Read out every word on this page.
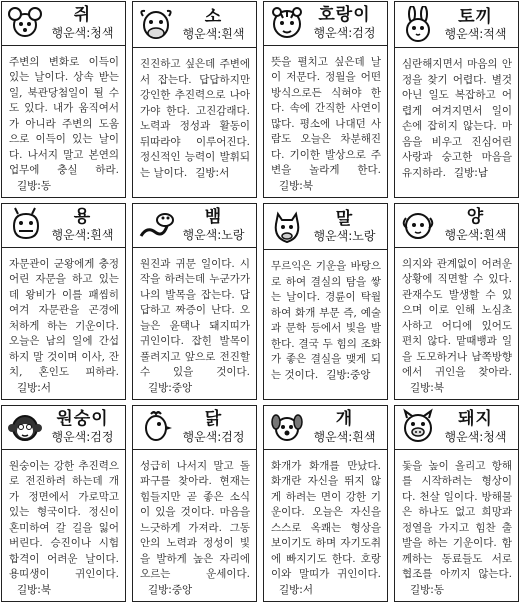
쥐
행운색:청색
주변의 변화로 이득이 있는 날이다. 상속 받는 일, 북관당첨일이 될 수도 있다. 내가 움직여서가 아니라 주변의 도움으로 이득이 있는 날이다. 나서지 말고 본연의 업무에 충실 하라.길방:동
소
행운색:흰색
진진하고 싶은데 주변에서 잡는다. 답답하지만 강인한 추진력으로 나아가야 한다. 고진감래다. 노력과 정성과 활동이 뒤따라야 이루어진다. 정신적인 능력이 발휘되는 날이다. 길방:서
호랑이
행운색:검정
뜻을 펼치고 싶은데 날이 저문다. 정월을 어떤 방식으로든 식혀야 한다. 속에 간직한 사연이 많다. 평소에 나대던 사람도 오늘은 차분해진다. 기이한 발상으로 주변을 놀라게 한다.길방:북
토끼
행운색:적색
심란해지면서 마음의 안정을 찾기 어렵다. 별것 아닌 일도 복잡하고 어렵게 여겨지면서 일이 손에 잡히지 않는다. 마음을 비우고 진심어린 사랑과 숭고한 마음을 유지하라. 길방:남
용
행운색:흰색
자문관이 군왕에게 충정어린 자문을 하고 있는데 왕비가 이를 패씸히 여겨 자문관을 곤경에 처하게 하는 기운이다. 오늘은 남의 일에 간섭하지 말 것이며 이사, 잔치, 혼인도 피하라.길방:서
뱀
행운색:노랑
원진과 귀문 일이다. 시작을 하려는데 누군가가 나의 발목을 잡는다. 답답하고 짜증이 난다. 오늘은 윤택나 돼지띠가 귀인이다. 잡힌 발목이 풀려지고 앞으로 전진할 수 있을 것이다.길방:중앙
말
행운색:노랑
무르익은 기운을 바탕으로 하여 결실의 탐을 쌓는 날이다. 경륜이 탁월하여 화개 부문 즉, 예술과 문학 등에서 빛을 발한다. 결국 두 힘의 조화가 좋은 결실을 맺게 되는 것이다. 길방:중앙
양
행운색:흰색
의지와 관계없이 어려운 상황에 직면할 수 있다. 관재수도 발생할 수 있으며 이로 인해 노심초사하고 어디에 있어도 편치 않다. 맡때뱅과 일을 도모하거나 남쪽방향에서 귀인을 찾아라.길방:북
원숭이
행운색:검정
원숭이는 강한 추진력으로 전진하려 하는데 개가 정면에서 가로막고 있는 형국이다. 정신이 혼미하여 갈 길을 잃어버린다. 승진이나 시험합격이 어려운 날이다. 용띠생이 귀인이다.길방:북
닭
행운색:검정
성급히 나서지 말고 돌파구를 찾아라. 현재는 힘들지만 곧 좋은 소식이 있을 것이다. 마음을 느긋하게 가져라. 그동안의 노력과 정성이 빛을 발하게 높은 자리에 오르는 운세이다.길방:중앙
개
행운색:흰색
화개가 화개를 만났다. 화개란 자신을 뛰지 않게 하려는 면이 강한 기운이다. 오늘은 자신을 스스로 옥쾌는 형상을 보이기도 하며 자기도취에 빠지기도 한다. 호랑이와 말띠가 귀인이다.길방:서
돼지
행운색:청색
돛을 높이 올리고 항해를 시작하려는 형상이다. 천살 일이다. 방해물은 하나도 없고 희망과 정열을 가지고 힘찬 출발을 하는 기운이다. 함께하는 동료들도 서로 협조를 아끼지 않는다.길방:동
